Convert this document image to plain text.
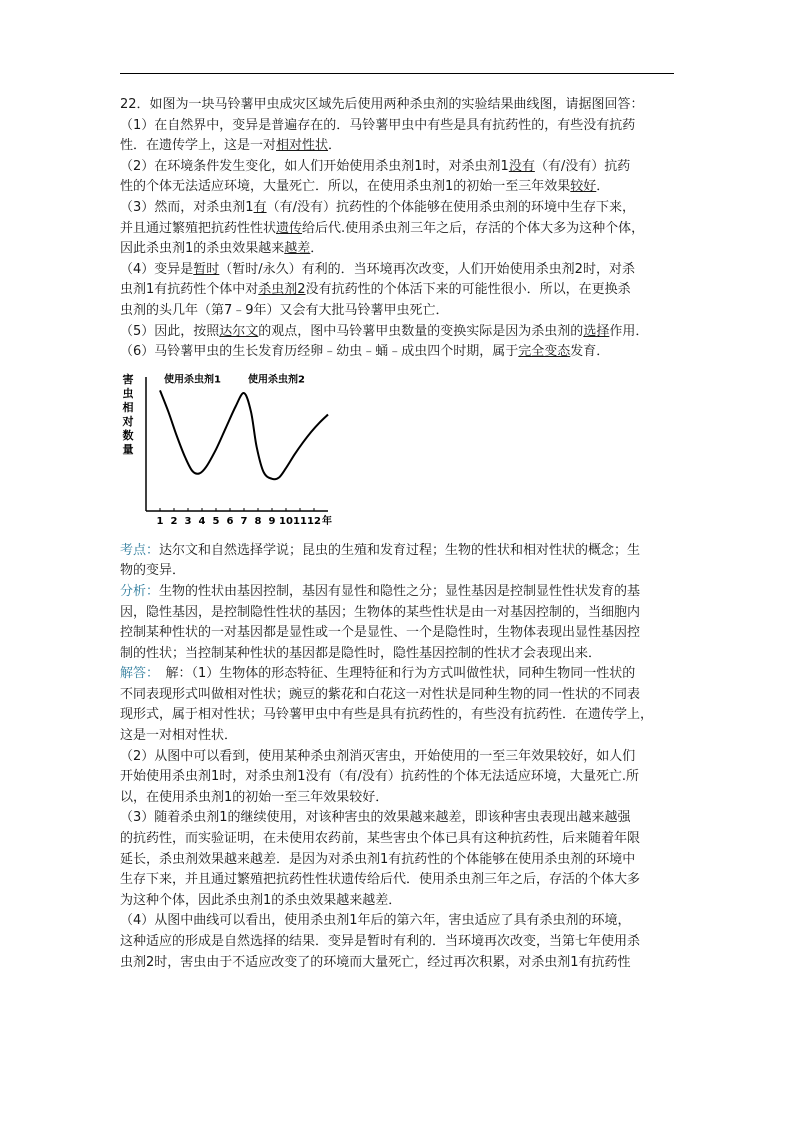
22．如图为一块马铃薯甲虫成灾区域先后使用两种杀虫剂的实验结果曲线图，请据图回答：

（1）在自然界中，变异是普遍存在的．马铃薯甲虫中有些是具有抗药性的，有些没有抗药

性．在遗传学上，这是一对相对性状．

（2）在环境条件发生变化，如人们开始使用杀虫剂1时，对杀虫剂1没有（有/没有）抗药

性的个体无法适应环境，大量死亡．所以，在使用杀虫剂1的初始一至三年效果较好．

（3）然而，对杀虫剂1有（有/没有）抗药性的个体能够在使用杀虫剂的环境中生存下来，

并且通过繁殖把抗药性性状遗传给后代.使用杀虫剂三年之后，存活的个体大多为这种个体，

因此杀虫剂1的杀虫效果越来越差．

（4）变异是暂时（暂时/永久）有利的．当环境再次改变，人们开始使用杀虫剂2时，对杀

虫剂1有抗药性个体中对杀虫剂2没有抗药性的个体活下来的可能性很小．所以，在更换杀

虫剂的头几年（第7﹣9年）又会有大批马铃薯甲虫死亡．

（5）因此，按照达尔文的观点，图中马铃薯甲虫数量的变换实际是因为杀虫剂的选择作用．

（6）马铃薯甲虫的生长发育历经卵﹣幼虫﹣蛹﹣成虫四个时期，属于完全变态发育．

害
虫
相
对
数
量
1 2 3 4 5 6 7 8 9 10 11 12
使用杀虫剂1	使用杀虫剂2
年

考点：达尔文和自然选择学说；昆虫的生殖和发育过程；生物的性状和相对性状的概念；生

物的变异．

分析：生物的性状由基因控制，基因有显性和隐性之分；显性基因是控制显性性状发育的基

因，隐性基因，是控制隐性性状的基因；生物体的某些性状是由一对基因控制的，当细胞内

控制某种性状的一对基因都是显性或一个是显性、一个是隐性时，生物体表现出显性基因控

制的性状；当控制某种性状的基因都是隐性时，隐性基因控制的性状才会表现出来．

解答：　解：（1）生物体的形态特征、生理特征和行为方式叫做性状，同种生物同一性状的

不同表现形式叫做相对性状；豌豆的紫花和白花这一对性状是同种生物的同一性状的不同表

现形式，属于相对性状；马铃薯甲虫中有些是具有抗药性的，有些没有抗药性．在遗传学上，

这是一对相对性状．

（2）从图中可以看到，使用某种杀虫剂消灭害虫，开始使用的一至三年效果较好，如人们

开始使用杀虫剂1时，对杀虫剂1没有（有/没有）抗药性的个体无法适应环境，大量死亡.所

以，在使用杀虫剂1的初始一至三年效果较好．

（3）随着杀虫剂1的继续使用，对该种害虫的效果越来越差，即该种害虫表现出越来越强

的抗药性，而实验证明，在未使用农药前，某些害虫个体已具有这种抗药性，后来随着年限

延长，杀虫剂效果越来越差．是因为对杀虫剂1有抗药性的个体能够在使用杀虫剂的环境中

生存下来，并且通过繁殖把抗药性性状遗传给后代．使用杀虫剂三年之后，存活的个体大多

为这种个体，因此杀虫剂1的杀虫效果越来越差．

（4）从图中曲线可以看出，使用杀虫剂1年后的第六年，害虫适应了具有杀虫剂的环境，

这种适应的形成是自然选择的结果．变异是暂时有利的．当环境再次改变，当第七年使用杀

虫剂2时，害虫由于不适应改变了的环境而大量死亡，经过再次积累，对杀虫剂1有抗药性
